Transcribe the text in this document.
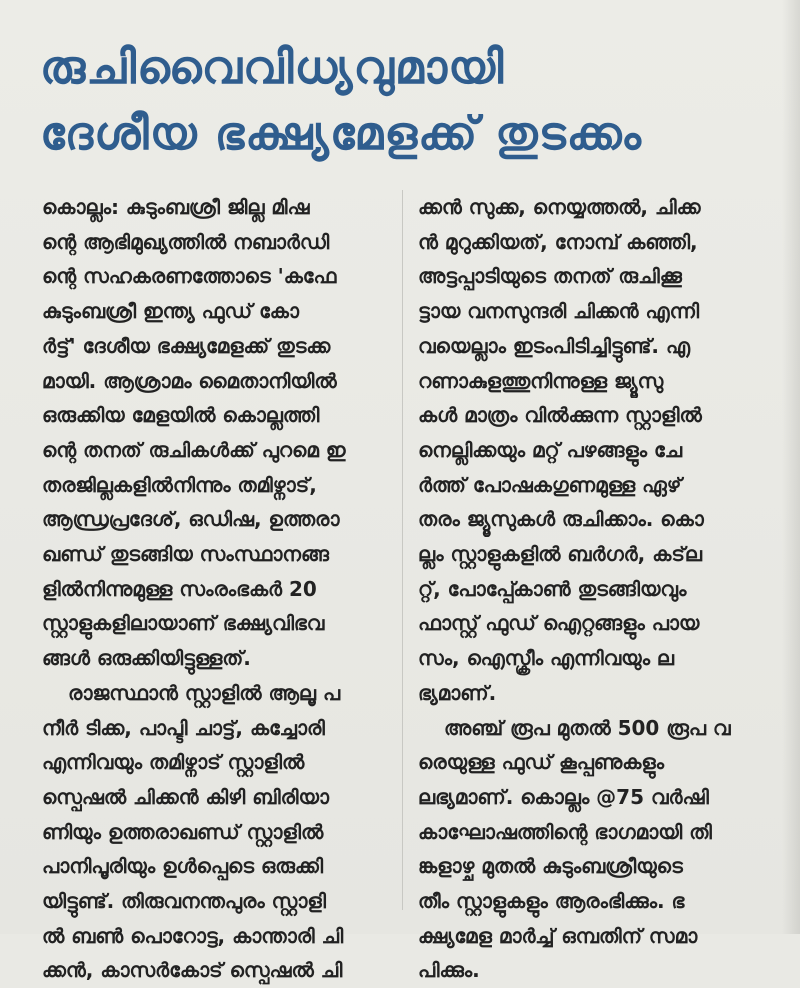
രുചിവൈവിധ്യവുമായി
ദേശീയ ഭക്ഷ്യമേളക്ക് തുടക്കം
കൊല്ലം: കുടുംബശ്രീ ജില്ല മിഷ
ന്റെ ആഭിമുഖ്യത്തിൽ നബാർഡി
ന്റെ സഹകരണത്തോടെ 'കഫേ
കുടുംബശ്രീ ഇന്ത്യ ഫുഡ് കോ
ർട്ട്' ദേശീയ ഭക്ഷ്യമേളക്ക് തുടക്ക
മായി. ആശ്രാമം മൈതാനിയിൽ
ഒരുക്കിയ മേളയിൽ കൊല്ലത്തി
ന്റെ തനത് രുചികൾക്ക് പുറമെ ഇ
തരജില്ലകളിൽനിന്നും തമിഴ്നാട്,
ആന്ധ്രപ്രദേശ്, ഒഡിഷ, ഉത്തരാ
ഖണ്ഡ് തുടങ്ങിയ സംസ്ഥാനങ്ങ
ളിൽനിന്നുമുള്ള സംരംഭകർ 20
സ്റ്റാളുകളിലായാണ് ഭക്ഷ്യവിഭവ
ങ്ങൾ ഒരുക്കിയിട്ടുള്ളത്.
രാജസ്ഥാൻ സ്റ്റാളിൽ ആലൂ പ
നീർ ടിക്ക, പാപ്ടി ചാട്ട്, കച്ചോരി
എന്നിവയും തമിഴ്നാട് സ്റ്റാളിൽ
സ്പെഷൽ ചിക്കൻ കിഴി ബിരിയാ
ണിയും ഉത്തരാഖണ്ഡ് സ്റ്റാളിൽ
പാനിപൂരിയും ഉൾപ്പെടെ ഒരുക്കി
യിട്ടുണ്ട്. തിരുവനന്തപുരം സ്റ്റാളി
ൽ ബൺ പൊറോട്ട, കാന്താരി ചി
ക്കൻ, കാസർകോട് സ്പെഷൽ ചി
ക്കൻ സുക്ക, നെയ്യത്തൽ, ചിക്ക
ൻ മുറുക്കിയത്, നോമ്പ് കഞ്ഞി,
അട്ടപ്പാടിയുടെ തനത് രുചിക്കൂ
ട്ടായ വനസുന്ദരി ചിക്കൻ എന്നി
വയെല്ലാം ഇടംപിടിച്ചിട്ടുണ്ട്. എ
റണാകുളത്തുനിന്നുള്ള ജ്യൂസു
കൾ മാത്രം വിൽക്കുന്ന സ്റ്റാളിൽ
നെല്ലിക്കയും മറ്റ് പഴങ്ങളും ചേ
ർത്ത് പോഷകഗുണമുള്ള ഏഴ്
തരം ജ്യൂസുകൾ രുചിക്കാം. കൊ
ല്ലം സ്റ്റാളുകളിൽ ബർഗർ, കട്‌ല
റ്റ്, പോപ്പ്കോൺ തുടങ്ങിയവും
ഫാസ്റ്റ് ഫുഡ് ഐറ്റങ്ങളും പായ
സം, ഐസ്ക്രീം എന്നിവയും ല
ഭ്യമാണ്.
അഞ്ച് രൂപ മുതൽ 500 രൂപ വ
രെയുള്ള ഫുഡ് കൂപ്പണുകളും
ലഭ്യമാണ്. കൊല്ലം @75 വർഷി
കാഘോഷത്തിന്റെ ഭാഗമായി തി
ങ്കളാഴ്ച മുതൽ കുടുംബശ്രീയുടെ
തീം സ്റ്റാളുകളും ആരംഭിക്കും. ഭ
ക്ഷ്യമേള മാർച്ച് ഒമ്പതിന് സമാ
പിക്കും.
